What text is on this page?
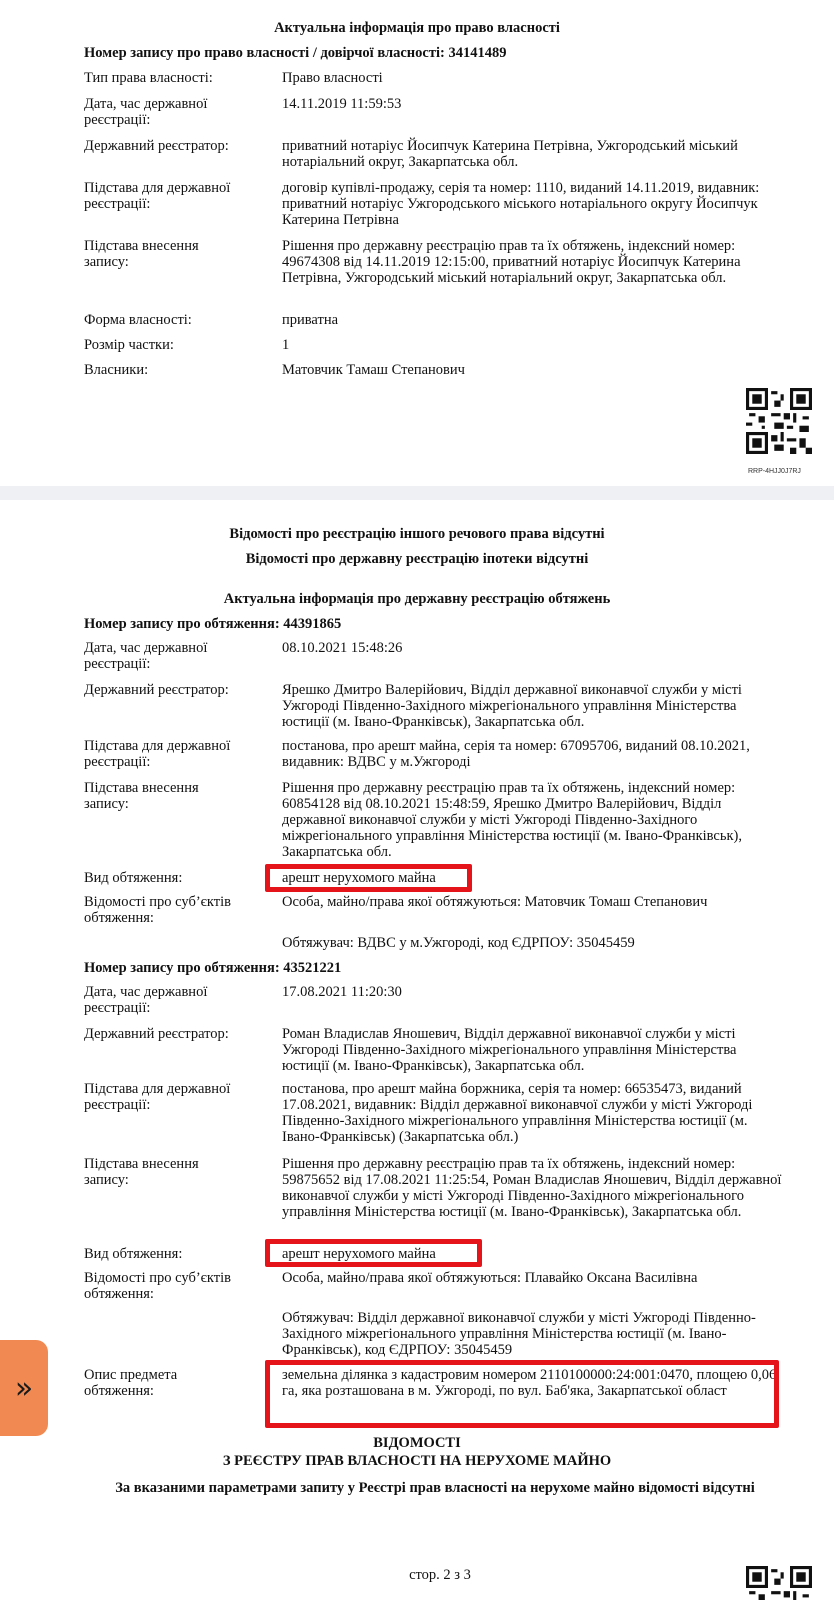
Актуальна інформація про право власності
Номер запису про право власності / довірчої власності: 34141489
Тип права власності:	Право власності
Дата, час державної реєстрації:
14.11.2019 11:59:53
Державний реєстратор:	приватний нотаріус Йосипчук Катерина Петрівна, Ужгородський міський нотаріальний округ, Закарпатська обл.
Підстава для державної реєстрації:
договір купівлі-продажу, серія та номер: 1110, виданий 14.11.2019, видавник: приватний нотаріус Ужгородського міського нотаріального округу Йосипчук Катерина Петрівна
Підстава внесення запису:
Рішення про державну реєстрацію прав та їх обтяжень, індексний номер: 49674308 від 14.11.2019 12:15:00, приватний нотаріус Йосипчук Катерина Петрівна, Ужгородський міський нотаріальний округ, Закарпатська обл.
Форма власності:	приватна
Розмір частки:	1
Власники:	Матовчик Тамаш Степанович
RRP-4HJJ0J7RJ
Відомості про реєстрацію іншого речового права відсутні
Відомості про державну реєстрацію іпотеки відсутні
Актуальна інформація про державну реєстрацію обтяжень
Номер запису про обтяження: 44391865
Дата, час державної реєстрації:
08.10.2021 15:48:26
Державний реєстратор:	Ярешко Дмитро Валерійович, Відділ державної виконавчої служби у місті Ужгороді Південно-Західного міжрегіонального управління Міністерства юстиції (м. Івано-Франківськ), Закарпатська обл.
Підстава для державної реєстрації:
постанова, про арешт майна, серія та номер: 67095706, виданий 08.10.2021, видавник: ВДВС у м.Ужгороді
Підстава внесення запису:
Рішення про державну реєстрацію прав та їх обтяжень, індексний номер: 60854128 від 08.10.2021 15:48:59, Ярешко Дмитро Валерійович, Відділ державної виконавчої служби у місті Ужгороді Південно-Західного міжрегіонального управління Міністерства юстиції (м. Івано-Франківськ), Закарпатська обл.
Вид обтяження:	арешт нерухомого майна
Відомості про суб’єктів обтяження:
Особа, майно/права якої обтяжуються: Матовчик Томаш Степанович
Обтяжувач: ВДВС у м.Ужгороді, код ЄДРПОУ: 35045459
Номер запису про обтяження: 43521221
Дата, час державної реєстрації:
17.08.2021 11:20:30
Державний реєстратор:	Роман Владислав Яношевич, Відділ державної виконавчої служби у місті Ужгороді Південно-Західного міжрегіонального управління Міністерства юстиції (м. Івано-Франківськ), Закарпатська обл.
Підстава для державної реєстрації:
постанова, про арешт майна боржника, серія та номер: 66535473, виданий 17.08.2021, видавник: Відділ державної виконавчої служби у місті Ужгороді Південно-Західного міжрегіонального управління Міністерства юстиції (м. Івано-Франківськ) (Закарпатська обл.)
Підстава внесення запису:
Рішення про державну реєстрацію прав та їх обтяжень, індексний номер: 59875652 від 17.08.2021 11:25:54, Роман Владислав Яношевич, Відділ державної виконавчої служби у місті Ужгороді Південно-Західного міжрегіонального управління Міністерства юстиції (м. Івано-Франківськ), Закарпатська обл.
Вид обтяження:	арешт нерухомого майна
Відомості про суб’єктів обтяження:
Особа, майно/права якої обтяжуються: Плавайко Оксана Василівна
Обтяжувач: Відділ державної виконавчої служби у місті Ужгороді Південно-Західного міжрегіонального управління Міністерства юстиції (м. Івано-Франківськ), код ЄДРПОУ: 35045459
Опис предмета обтяження:
земельна ділянка з кадастровим номером 2110100000:24:001:0470, площею 0,06 га, яка розташована в м. Ужгороді, по вул. Баб'яка, Закарпатської област
ВІДОМОСТІ
З РЕЄСТРУ ПРАВ ВЛАСНОСТІ НА НЕРУХОМЕ МАЙНО
За вказаними параметрами запиту у Реєстрі прав власності на нерухоме майно відомості відсутні
стор. 2 з 3
»
